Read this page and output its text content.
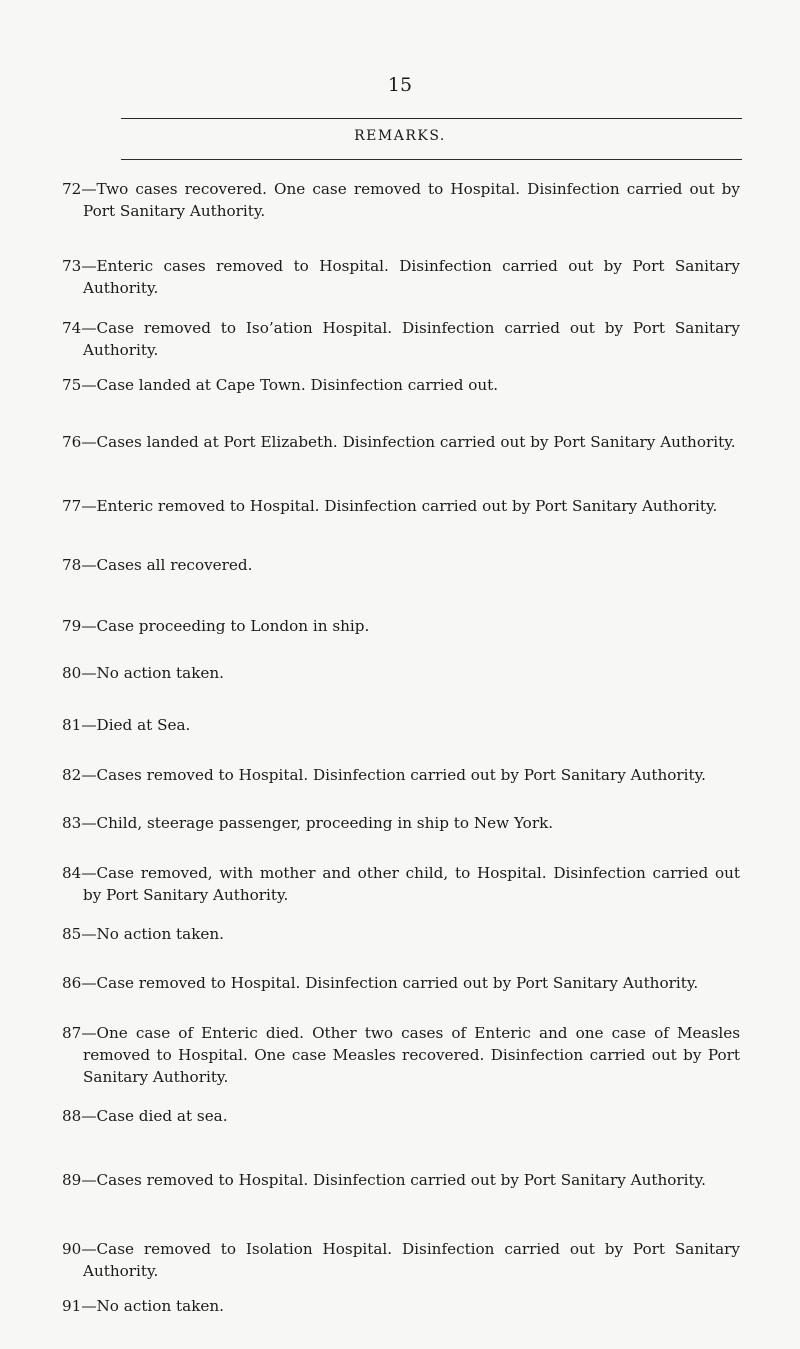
15
REMARKS.
72—Two cases recovered. One case removed to Hospital. Disinfection carried out by Port Sanitary Authority.
73—Enteric cases removed to Hospital. Disinfection carried out by Port Sanitary Authority.
74—Case removed to Iso’ation Hospital. Disinfection carried out by Port Sanitary Authority.
75—Case landed at Cape Town. Disinfection carried out.
76—Cases landed at Port Elizabeth. Disinfection carried out by Port Sanitary Authority.
77—Enteric removed to Hospital. Disinfection carried out by Port Sanitary Authority.
78—Cases all recovered.
79—Case proceeding to London in ship.
80—No action taken.
81—Died at Sea.
82—Cases removed to Hospital. Disinfection carried out by Port Sanitary Authority.
83—Child, steerage passenger, proceeding in ship to New York.
84—Case removed, with mother and other child, to Hospital. Disinfection carried out by Port Sanitary Authority.
85—No action taken.
86—Case removed to Hospital. Disinfection carried out by Port Sanitary Authority.
87—One case of Enteric died. Other two cases of Enteric and one case of Measles removed to Hospital. One case Measles recovered. Disinfection carried out by Port Sanitary Authority.
88—Case died at sea.
89—Cases removed to Hospital. Disinfection carried out by Port Sanitary Authority.
90—Case removed to Isolation Hospital. Disinfection carried out by Port Sanitary Authority.
91—No action taken.
